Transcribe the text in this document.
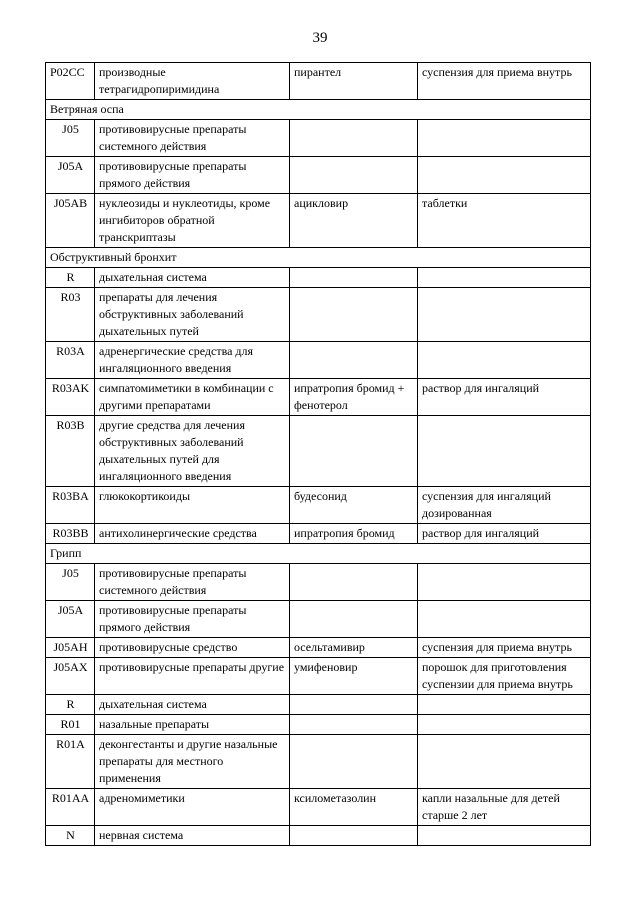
39
P02CC	производные тетрагидропиримидина	пирантел	суспензия для приема внутрь
Ветряная оспа			
J05	противовирусные препараты системного действия		
J05A	противовирусные препараты прямого действия		
J05AB	нуклеозиды и нуклеотиды, кроме ингибиторов обратной транскриптазы	ацикловир	таблетки
Обструктивный бронхит			
R	дыхательная система		
R03	препараты для лечения обструктивных заболеваний дыхательных путей		
R03A	адренергические средства для ингаляционного введения		
R03AK	симпатомиметики в комбинации с другими препаратами	ипратропия бромид + фенотерол	раствор для ингаляций
R03B	другие средства для лечения обструктивных заболеваний дыхательных путей для ингаляционного введения		
R03BA	глюкокортикоиды	будесонид	суспензия для ингаляций дозированная
R03BB	антихолинергические средства	ипратропия бромид	раствор для ингаляций
Грипп			
J05	противовирусные препараты системного действия		
J05A	противовирусные препараты прямого действия		
J05AH	противовирусные средство	осельтамивир	суспензия для приема внутрь
J05AX	противовирусные препараты другие	умифеновир	порошок для приготовления суспензии для приема внутрь
R	дыхательная система		
R01	назальные препараты		
R01A	деконгестанты и другие назальные препараты для местного применения		
R01AA	адреномиметики	ксилометазолин	капли назальные для детей старше 2 лет
N	нервная система		
